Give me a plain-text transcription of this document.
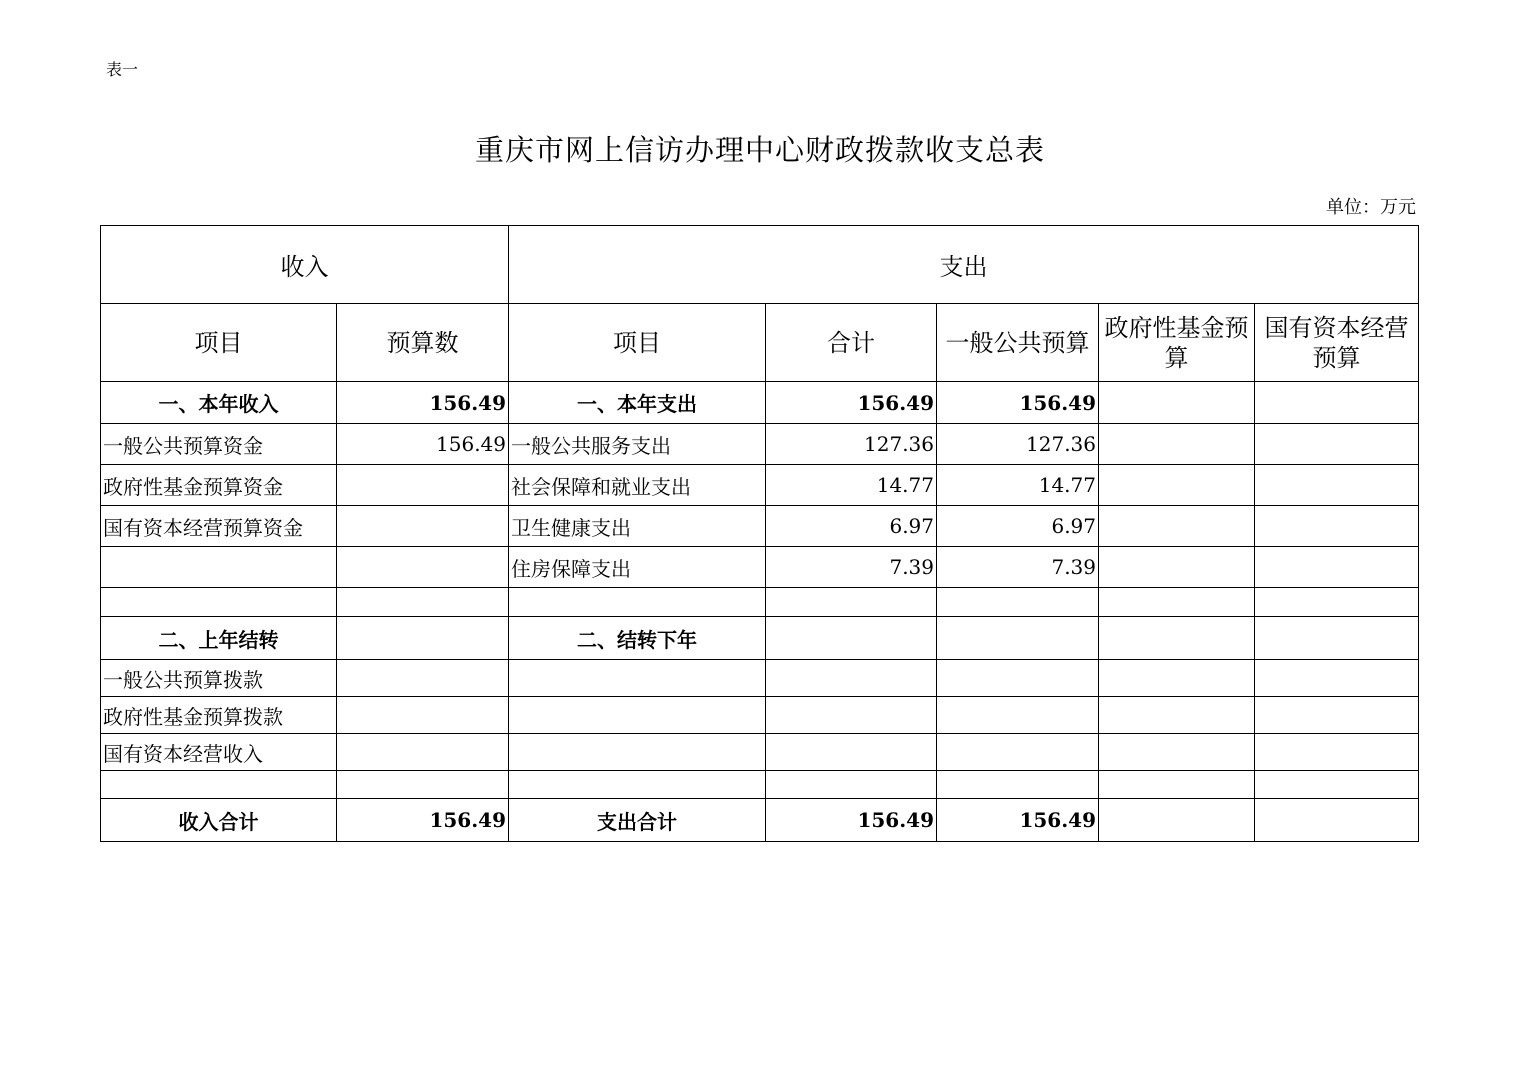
表一
重庆市网上信访办理中心财政拨款收支总表
单位：万元
收入		支出				
项目	预算数	项目	合计	一般公共预算	政府性基金预算	国有资本经营预算
一、本年收入	156.49	一、本年支出	156.49	156.49		
一般公共预算资金	156.49	一般公共服务支出	127.36	127.36		
政府性基金预算资金		社会保障和就业支出	14.77	14.77		
国有资本经营预算资金		卫生健康支出	6.97	6.97		
		住房保障支出	7.39	7.39		

二、上年结转		二、结转下年				
一般公共预算拨款						
政府性基金预算拨款						
国有资本经营收入						

收入合计	156.49	支出合计	156.49	156.49		
